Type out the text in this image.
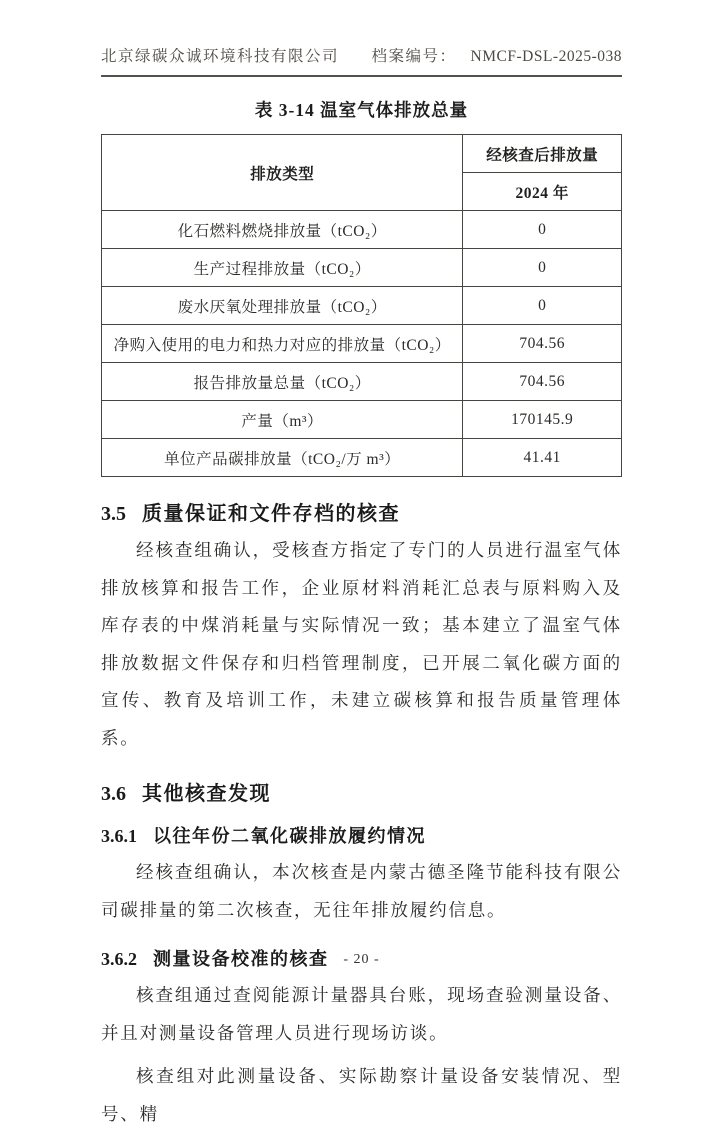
北京绿碳众诚环境科技有限公司 档案编号： NMCF-DSL-2025-038
表 3-14 温室气体排放总量
排放类型	经核查后排放量
	2024 年
化石燃料燃烧排放量（tCO₂）	0
生产过程排放量（tCO₂）	0
废水厌氧处理排放量（tCO₂）	0
净购入使用的电力和热力对应的排放量（tCO₂）	704.56
报告排放量总量（tCO₂）	704.56
产量（m³）	170145.9
单位产品碳排放量（tCO₂/万 m³）	41.41
3.5 质量保证和文件存档的核查
经核查组确认，受核查方指定了专门的人员进行温室气体排放核算和报告工作，企业原材料消耗汇总表与原料购入及库存表的中煤消耗量与实际情况一致；基本建立了温室气体排放数据文件保存和归档管理制度，已开展二氧化碳方面的宣传、教育及培训工作，未建立碳核算和报告质量管理体系。
3.6 其他核查发现
3.6.1 以往年份二氧化碳排放履约情况
经核查组确认，本次核查是内蒙古德圣隆节能科技有限公司碳排量的第二次核查，无往年排放履约信息。
3.6.2 测量设备校准的核查
核查组通过查阅能源计量器具台账，现场查验测量设备、并且对测量设备管理人员进行现场访谈。
核查组对此测量设备、实际勘察计量设备安装情况、型号、精
- 20 -
